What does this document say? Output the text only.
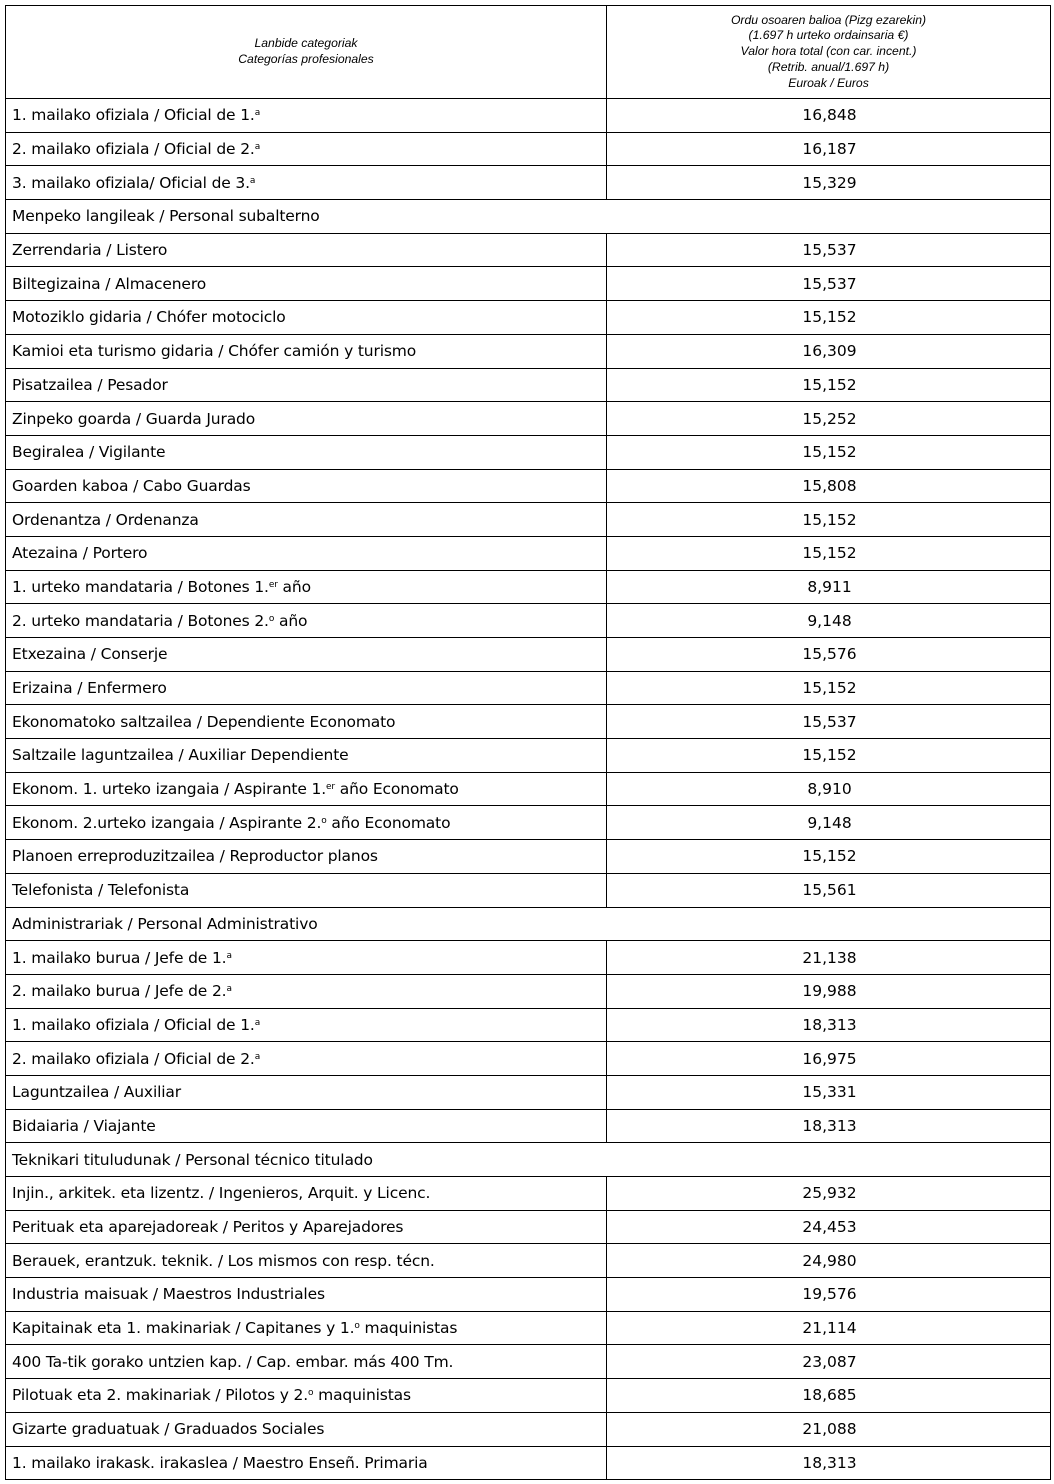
Lanbide categoriak
Categorías profesionales	Ordu osoaren balioa (Pizg ezarekin)
(1.697 h urteko ordainsaria €)
Valor hora total (con car. incent.)
(Retrib. anual/1.697 h)
Euroak / Euros

1. mailako ofiziala / Oficial de 1.$^a$	16,848
2. mailako ofiziala / Oficial de 2.$^a$	16,187
3. mailako ofiziala/ Oficial de 3.$^a$	15,329
Menpeko langileak / Personal subalterno	
Zerrendaria / Listero	15,537
Biltegizaina / Almacenero	15,537
Motoziklo gidaria / Chófer motociclo	15,152
Kamioi eta turismo gidaria / Chófer camión y turismo	16,309
Pisatzailea / Pesador	15,152
Zinpeko goarda / Guarda Jurado	15,252
Begiralea / Vigilante	15,152
Goarden kaboa / Cabo Guardas	15,808
Ordenantza / Ordenanza	15,152
Atezaina / Portero	15,152
1. urteko mandataria / Botones 1.$^{er}$ año	8,911
2. urteko mandataria / Botones 2.$^o$ año	9,148
Etxezaina / Conserje	15,576
Erizaina / Enfermero	15,152
Ekonomatoko saltzailea / Dependiente Economato	15,537
Saltzaile laguntzailea / Auxiliar Dependiente	15,152
Ekonom. 1. urteko izangaia / Aspirante 1.$^{er}$ año Economato	8,910
Ekonom. 2.urteko izangaia / Aspirante 2.$^o$ año Economato	9,148
Planoen erreproduzitzailea / Reproductor planos	15,152
Telefonista / Telefonista	15,561
Administrariak / Personal Administrativo	
1. mailako burua / Jefe de 1.$^a$	21,138
2. mailako burua / Jefe de 2.$^a$	19,988
1. mailako ofiziala / Oficial de 1.$^a$	18,313
2. mailako ofiziala / Oficial de 2.$^a$	16,975
Laguntzailea / Auxiliar	15,331
Bidaiaria / Viajante	18,313
Teknikari tituludunak / Personal técnico titulado	
Injin., arkitek. eta lizentz. / Ingenieros, Arquit. y Licenc.	25,932
Perituak eta aparejadoreak / Peritos y Aparejadores	24,453
Berauek, erantzuk. teknik. / Los mismos con resp. técn.	24,980
Industria maisuak / Maestros Industriales	19,576
Kapitainak eta 1. makinariak / Capitanes y 1.$^o$ maquinistas	21,114
400 Ta-tik gorako untzien kap. / Cap. embar. más 400 Tm.	23,087
Pilotuak eta 2. makinariak / Pilotos y 2.$^o$ maquinistas	18,685
Gizarte graduatuak / Graduados Sociales	21,088
1. mailako irakask. irakaslea / Maestro Enseñ. Primaria	18,313
